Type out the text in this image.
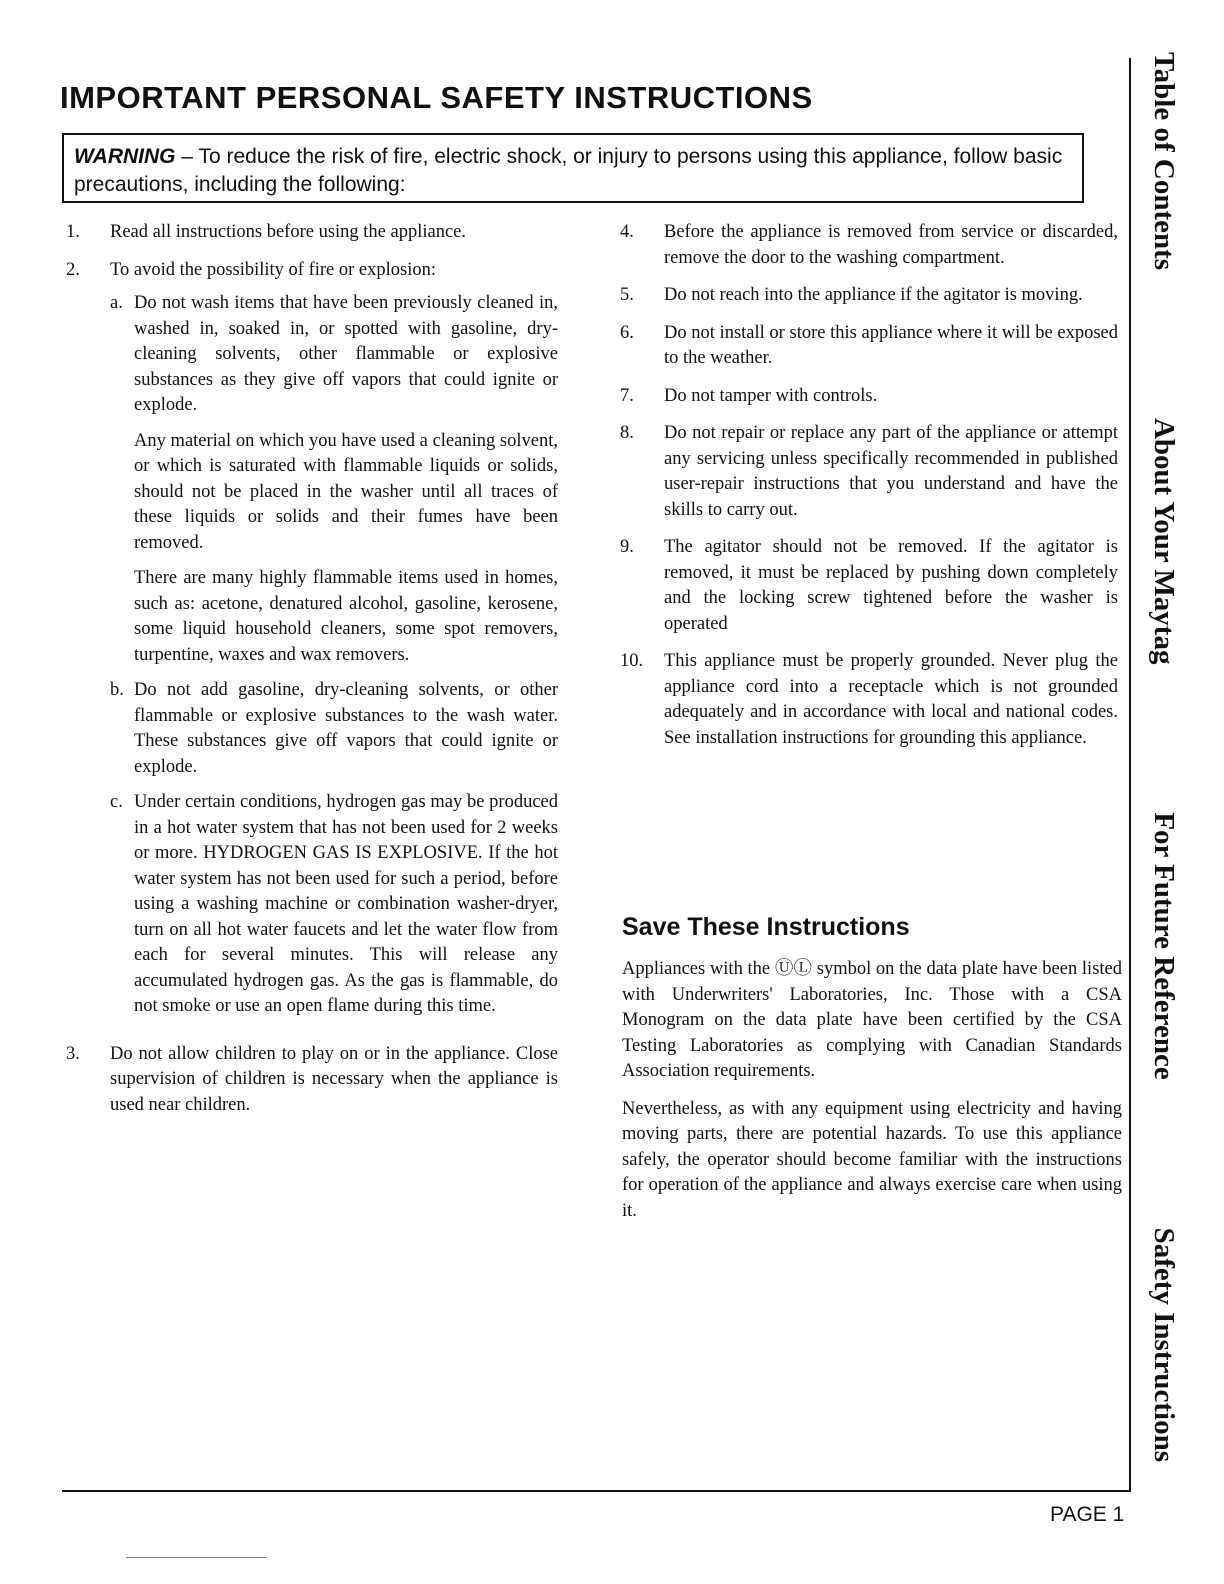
IMPORTANT PERSONAL SAFETY INSTRUCTIONS
WARNING – To reduce the risk of fire, electric shock, or injury to persons using this appliance, follow basic precautions, including the following:
1.	Read all instructions before using the appliance.
2.	To avoid the possibility of fire or explosion:
a. Do not wash items that have been previously cleaned in, washed in, soaked in, or spotted with gasoline, dry-cleaning solvents, other flammable or explosive substances as they give off vapors that could ignite or explode.

Any material on which you have used a cleaning solvent, or which is saturated with flammable liquids or solids, should not be placed in the washer until all traces of these liquids or solids and their fumes have been removed.

There are many highly flammable items used in homes, such as: acetone, denatured alcohol, gasoline, kerosene, some liquid household cleaners, some spot removers, turpentine, waxes and wax removers.

b. Do not add gasoline, dry-cleaning solvents, or other flammable or explosive substances to the wash water. These substances give off vapors that could ignite or explode.
c. Under certain conditions, hydrogen gas may be produced in a hot water system that has not been used for 2 weeks or more. HYDROGEN GAS IS EXPLOSIVE. If the hot water system has not been used for such a period, before using a washing machine or combination washer-dryer, turn on all hot water faucets and let the water flow from each for several minutes. This will release any accumulated hydrogen gas. As the gas is flammable, do not smoke or use an open flame during this time.
3.	Do not allow children to play on or in the appliance. Close supervision of children is necessary when the appliance is used near children.
4.	Before the appliance is removed from service or discarded, remove the door to the washing compartment.
5.	Do not reach into the appliance if the agitator is moving.
6.	Do not install or store this appliance where it will be exposed to the weather.
7.	Do not tamper with controls.
8.	Do not repair or replace any part of the appliance or attempt any servicing unless specifically recommended in published user-repair instructions that you understand and have the skills to carry out.
9.	The agitator should not be removed. If the agitator is removed, it must be replaced by pushing down completely and the locking screw tightened before the washer is operated
10.	This appliance must be properly grounded. Never plug the appliance cord into a receptacle which is not grounded adequately and in accordance with local and national codes. See installation instructions for grounding this appliance.
Save These Instructions

Appliances with the ⓊⓁ symbol on the data plate have been listed with Underwriters' Laboratories, Inc. Those with a CSA Monogram on the data plate have been certified by the CSA Testing Laboratories as complying with Canadian Standards Association requirements.

Nevertheless, as with any equipment using electricity and having moving parts, there are potential hazards. To use this appliance safely, the operator should become familiar with the instructions for operation of the appliance and always exercise care when using it.

Table of Contents
About Your Maytag
For Future Reference
Safety Instructions

PAGE 1
